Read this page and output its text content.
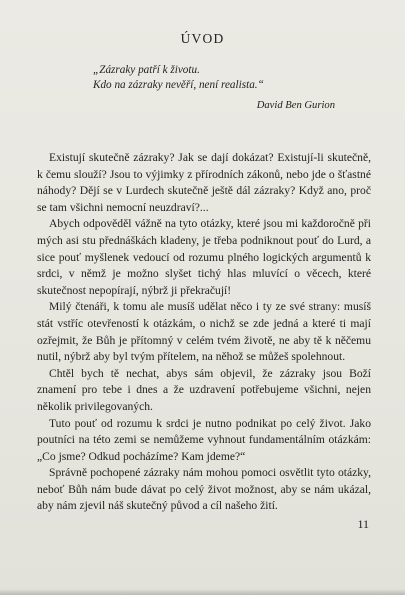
ÚVOD
„Zázraky patří k životu.
Kdo na zázraky nevěří, není realista.“
David Ben Gurion

Existují skutečně zázraky? Jak se dají dokázat? Existují-li skutečně, k čemu slouží? Jsou to výjimky z přírodních zákonů, nebo jde o šťastné náhody? Dějí se v Lurdech skutečně ještě dál zázraky? Když ano, proč se tam všichni nemocní neuzdraví?...

Abych odpověděl vážně na tyto otázky, které jsou mi každoročně při mých asi stu přednáškách kladeny, je třeba podniknout pouť do Lurd, a sice pouť myšlenek vedoucí od rozumu plného logických argumentů k srdci, v němž je možno slyšet tichý hlas mluvící o věcech, které skutečnost nepopírají, nýbrž ji překračují!

Milý čtenáři, k tomu ale musíš udělat něco i ty ze své strany: musíš stát vstříc otevřeností k otázkám, o nichž se zde jedná a které ti mají ozřejmit, že Bůh je přítomný v celém tvém životě, ne aby tě k něčemu nutil, nýbrž aby byl tvým přítelem, na něhož se můžeš spolehnout.

Chtěl bych tě nechat, abys sám objevil, že zázraky jsou Boží znamení pro tebe i dnes a že uzdravení potřebujeme všichni, nejen několik privilegovaných.

Tuto pouť od rozumu k srdci je nutno podnikat po celý život. Jako poutníci na této zemi se nemůžeme vyhnout fundamentálním otázkám: „Co jsme? Odkud pocházíme? Kam jdeme?“

Správně pochopené zázraky nám mohou pomoci osvětlit tyto otázky, neboť Bůh nám bude dávat po celý život možnost, aby se nám ukázal, aby nám zjevil náš skutečný původ a cíl našeho žití.

11
